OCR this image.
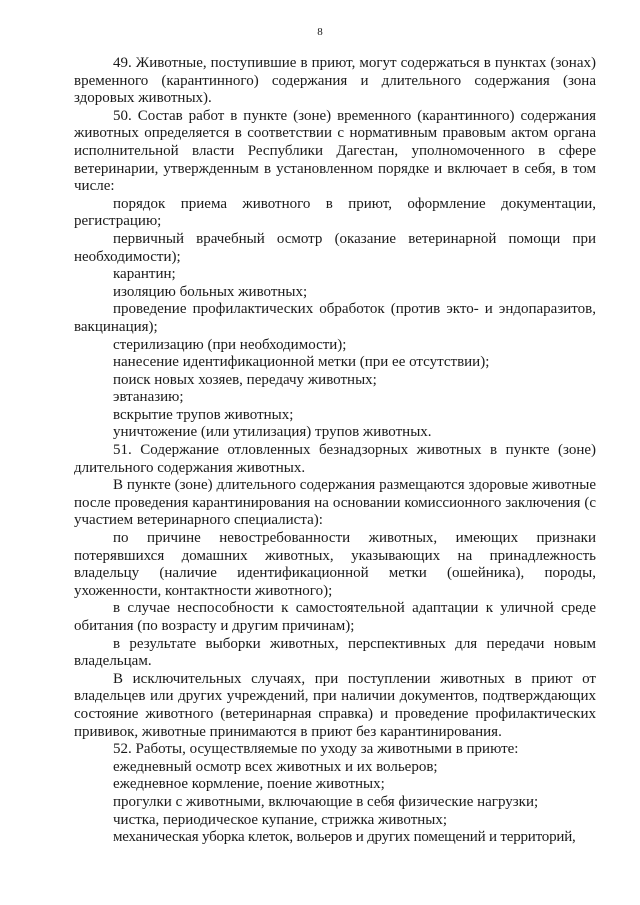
8

49. Животные, поступившие в приют, могут содержаться в пунктах (зонах) временного (карантинного) содержания и длительного содержания (зона здоровых животных).

50. Состав работ в пункте (зоне) временного (карантинного) содержания животных определяется в соответствии с нормативным правовым актом органа исполнительной власти Республики Дагестан, уполномоченного в сфере ветеринарии, утвержденным в установленном порядке и включает в себя, в том числе:

порядок приема животного в приют, оформление документации, регистрацию;

первичный врачебный осмотр (оказание ветеринарной помощи при необходимости);

карантин;

изоляцию больных животных;

проведение профилактических обработок (против экто- и эндопаразитов, вакцинация);

стерилизацию (при необходимости);

нанесение идентификационной метки (при ее отсутствии);

поиск новых хозяев, передачу животных;

эвтаназию;

вскрытие трупов животных;

уничтожение (или утилизация) трупов животных.

51. Содержание отловленных безнадзорных животных в пункте (зоне) длительного содержания животных.

В пункте (зоне) длительного содержания размещаются здоровые животные после проведения карантинирования на основании комиссионного заключения (с участием ветеринарного специалиста):

по причине невостребованности животных, имеющих признаки потерявшихся домашних животных, указывающих на принадлежность владельцу (наличие идентификационной метки (ошейника), породы, ухоженности, контактности животного);

в случае неспособности к самостоятельной адаптации к уличной среде обитания (по возрасту и другим причинам);

в результате выборки животных, перспективных для передачи новым владельцам.

В исключительных случаях, при поступлении животных в приют от владельцев или других учреждений, при наличии документов, подтверждающих состояние животного (ветеринарная справка) и проведение профилактических прививок, животные принимаются в приют без карантинирования.

52. Работы, осуществляемые по уходу за животными в приюте:

ежедневный осмотр всех животных и их вольеров;

ежедневное кормление, поение животных;

прогулки с животными, включающие в себя физические нагрузки;

чистка, периодическое купание, стрижка животных;

механическая уборка клеток, вольеров и других помещений и территорий,
